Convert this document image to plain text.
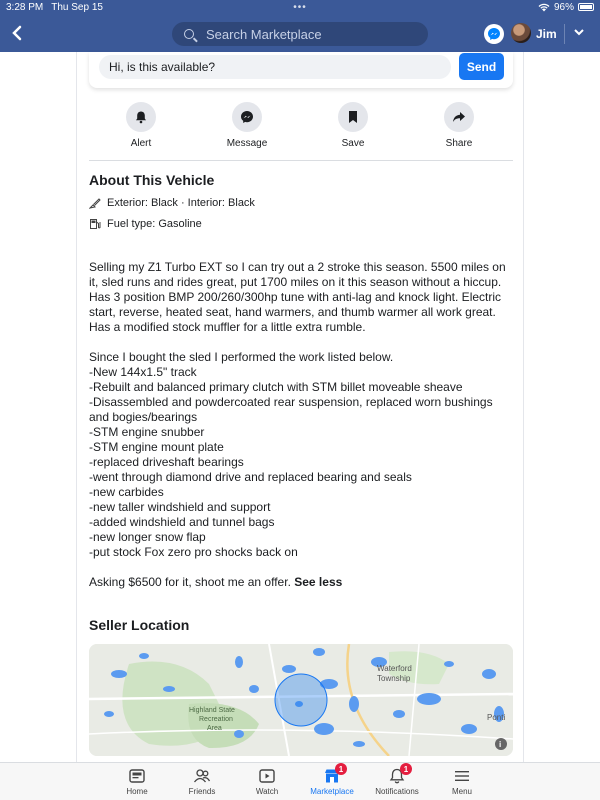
3:28 PM Thu Sep 15	•••	96%
Search Marketplace	Jim
Hi, is this available?
Send
Alert	Message	Save	Share
About This Vehicle
Exterior: Black · Interior: Black
Fuel type: Gasoline
Selling my Z1 Turbo EXT so I can try out a 2 stroke this season. 5500 miles on it, sled runs and rides great, put 1700 miles on it this season without a hiccup. Has 3 position BMP 200/260/300hp tune with anti-lag and knock light. Electric start, reverse, heated seat, hand warmers, and thumb warmer all work great. Has a modified stock muffler for a little extra rumble.

Since I bought the sled I performed the work listed below.
-New 144x1.5" track
-Rebuilt and balanced primary clutch with STM billet moveable sheave
-Disassembled and powdercoated rear suspension, replaced worn bushings and bogies/bearings
-STM engine snubber
-STM engine mount plate
-replaced driveshaft bearings
-went through diamond drive and replaced bearing and seals
-new carbides
-new taller windshield and support
-added windshield and tunnel bags
-new longer snow flap
-put stock Fox zero pro shocks back on
Asking $6500 for it, shoot me an offer. See less
Seller Location
Waterford
Township
Highland State
Recreation
Area
Ponti
i
Home	Friends	Watch
1
Marketplace
1
Notifications	Menu
